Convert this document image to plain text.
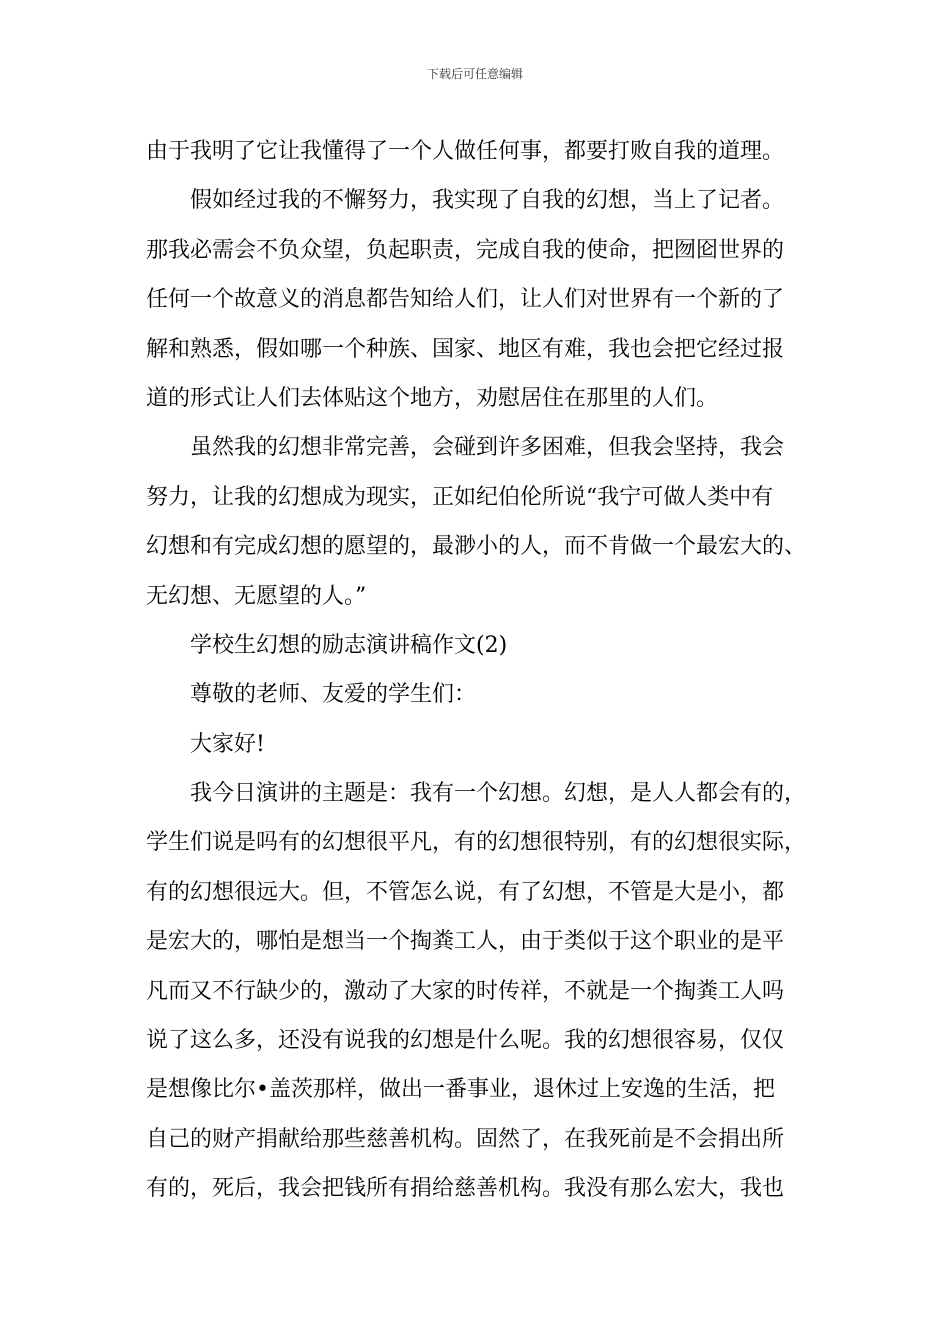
下载后可任意编辑
由于我明了它让我懂得了一个人做任何事，都要打败自我的道理。
假如经过我的不懈努力，我实现了自我的幻想，当上了记者。
那我必需会不负众望，负起职责，完成自我的使命，把囫囵世界的
任何一个故意义的消息都告知给人们，让人们对世界有一个新的了
解和熟悉，假如哪一个种族、国家、地区有难，我也会把它经过报
道的形式让人们去体贴这个地方，劝慰居住在那里的人们。
虽然我的幻想非常完善，会碰到许多困难，但我会坚持，我会
努力，让我的幻想成为现实，正如纪伯伦所说“我宁可做人类中有
幻想和有完成幻想的愿望的，最渺小的人，而不肯做一个最宏大的、
无幻想、无愿望的人。”
学校生幻想的励志演讲稿作文(2)
尊敬的老师、友爱的学生们：
大家好!
我今日演讲的主题是：我有一个幻想。幻想，是人人都会有的，
学生们说是吗有的幻想很平凡，有的幻想很特别，有的幻想很实际，
有的幻想很远大。但，不管怎么说，有了幻想，不管是大是小，都
是宏大的，哪怕是想当一个掏粪工人，由于类似于这个职业的是平
凡而又不行缺少的，激动了大家的时传祥，不就是一个掏粪工人吗
说了这么多，还没有说我的幻想是什么呢。我的幻想很容易，仅仅
是想像比尔•盖茨那样，做出一番事业，退休过上安逸的生活，把
自己的财产捐献给那些慈善机构。固然了，在我死前是不会捐出所
有的，死后，我会把钱所有捐给慈善机构。我没有那么宏大，我也
